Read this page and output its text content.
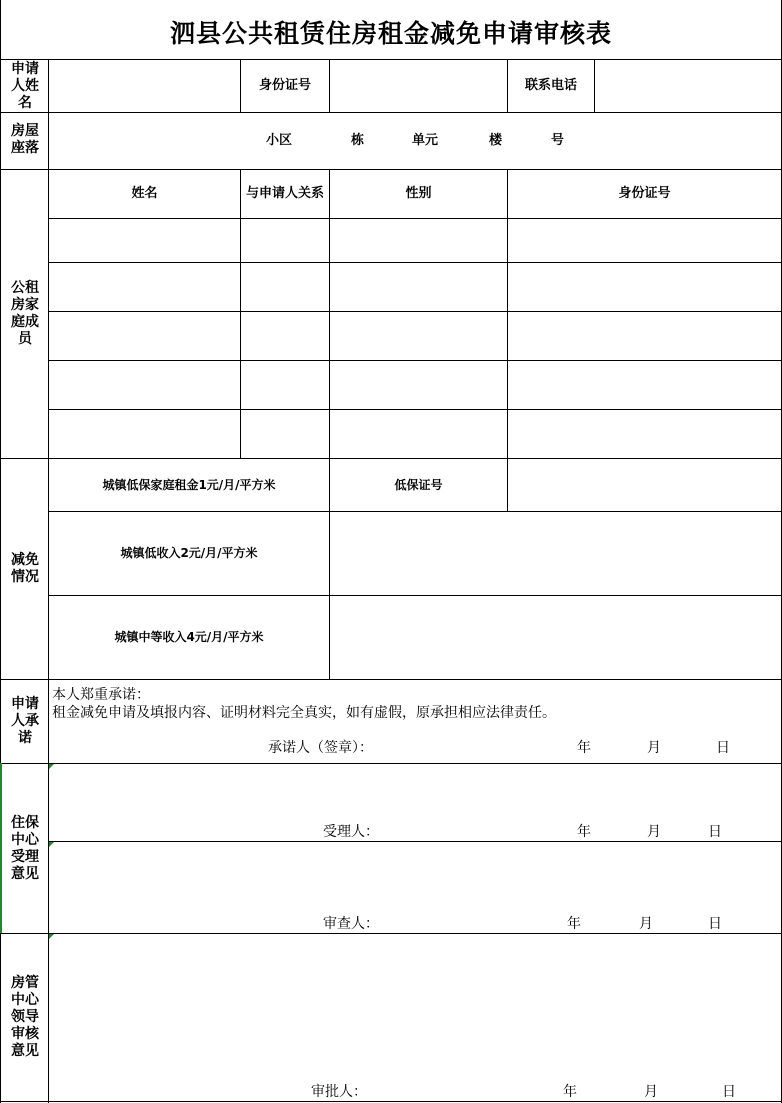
泗县公共租赁住房租金减免申请审核表
申请
人姓
名
身份证号	联系电话
房屋
座落	小区	栋	单元	楼	号
公租
房家
庭成
员
姓名	与申请人关系	性别	身份证号
减免
情况
城镇低保家庭租金1元/月/平方米	低保证号
城镇低收入2元/月/平方米
城镇中等收入4元/月/平方米
申请
人承
诺
本人郑重承诺：
租金减免申请及填报内容、证明材料完全真实，如有虚假，原承担相应法律责任。
承诺人（签章）：	年	月	日
住保
中心
受理
意见
受理人：	年	月	日
审查人：	年	月	日
房管
中心
领导
审核
意见
审批人：	年	月	日
